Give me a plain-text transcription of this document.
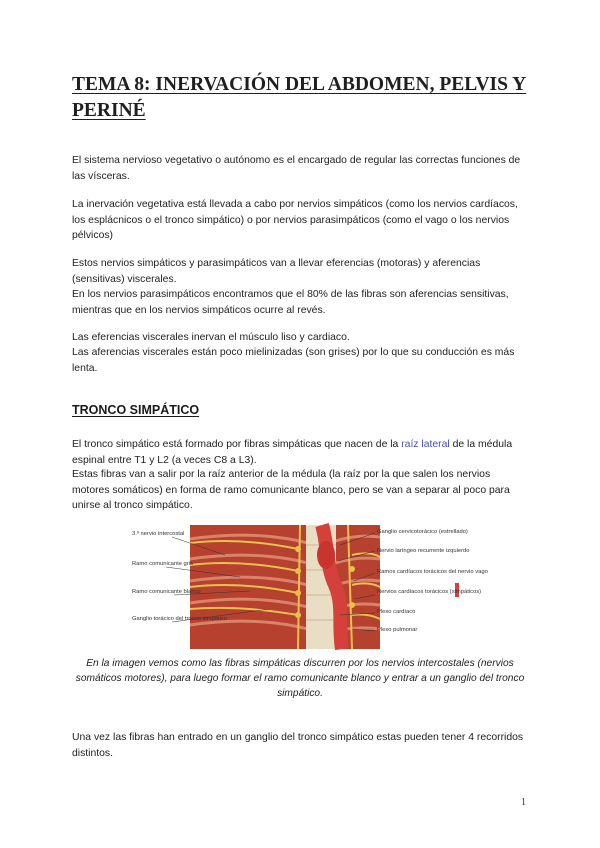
TEMA 8: INERVACIÓN DEL ABDOMEN, PELVIS Y PERINÉ

El sistema nervioso vegetativo o autónomo es el encargado de regular las correctas funciones de las vísceras.

La inervación vegetativa está llevada a cabo por nervios simpáticos (como los nervios cardíacos, los esplácnicos o el tronco simpático) o por nervios parasimpáticos (como el vago o los nervios pélvicos)

Estos nervios simpáticos y parasimpáticos van a llevar eferencias (motoras) y aferencias (sensitivas) viscerales.

En los nervios parasimpáticos encontramos que el 80% de las fibras son aferencias sensitivas, mientras que en los nervios simpáticos ocurre al revés.

Las eferencias viscerales inervan el músculo liso y cardiaco.

Las aferencias viscerales están poco mielinizadas (son grises) por lo que su conducción es más lenta.

TRONCO SIMPÁTICO

El tronco simpático está formado por fibras simpáticas que nacen de la raíz lateral de la médula espinal entre T1 y L2 (a veces C8 a L3).

Estas fibras van a salir por la raíz anterior de la médula (la raíz por la que salen los nervios motores somáticos) en forma de ramo comunicante blanco, pero se van a separar al poco para unirse al tronco simpático.

3.º nervio intercostal
Ramo comunicante gris
Ramo comunicante blanco
Ganglio torácico del tronco simpático
Ganglio cervicotorácico (estrellado)
Nervio laríngeo recurrente izquierdo
Ramos cardíacos torácicos del nervio vago
Nervios cardíacos torácicos (simpáticos)
Plexo cardíaco
Plexo pulmonar

En la imagen vemos como las fibras simpáticas discurren por los nervios intercostales (nervios somáticos motores), para luego formar el ramo comunicante blanco y entrar a un ganglio del tronco simpático.

Una vez las fibras han entrado en un ganglio del tronco simpático estas pueden tener 4 recorridos distintos.

1
